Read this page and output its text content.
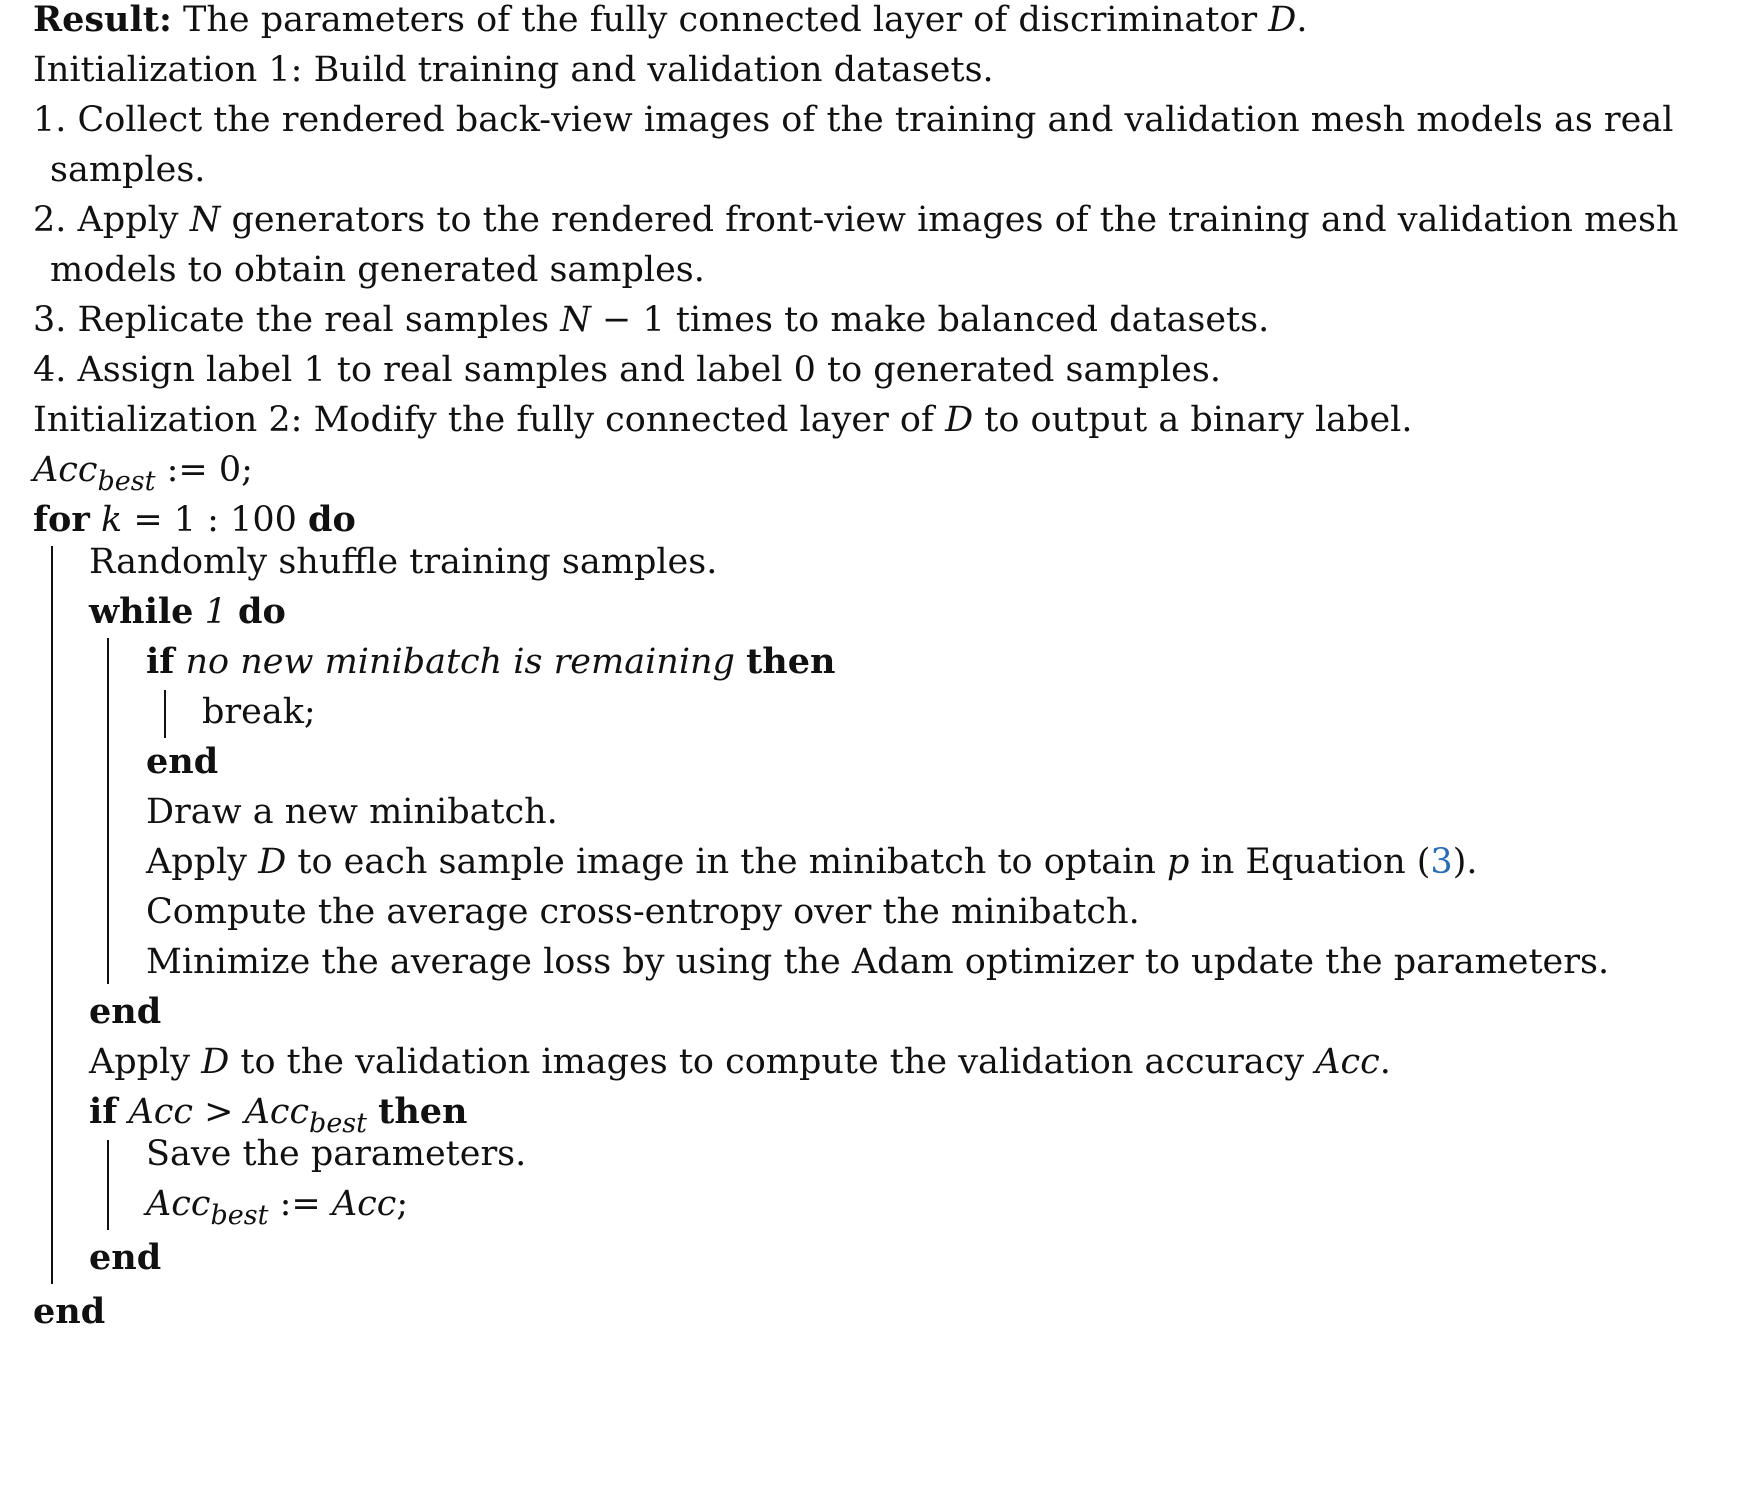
Result: The parameters of the fully connected layer of discriminator D.
Initialization 1: Build training and validation datasets.
1. Collect the rendered back-view images of the training and validation mesh models as real
samples.
2. Apply N generators to the rendered front-view images of the training and validation mesh
models to obtain generated samples.
3. Replicate the real samples N − 1 times to make balanced datasets.
4. Assign label 1 to real samples and label 0 to generated samples.
Initialization 2: Modify the fully connected layer of D to output a binary label.
Acc$_{best}$ := 0;
for k = 1 : 100 do
Randomly shuffle training samples.
while 1 do
if no new minibatch is remaining then
break;
end
Draw a new minibatch.
Apply D to each sample image in the minibatch to optain p in Equation (3).
Compute the average cross-entropy over the minibatch.
Minimize the average loss by using the Adam optimizer to update the parameters.
end
Apply D to the validation images to compute the validation accuracy Acc.
if Acc > Acc$_{best}$ then
Save the parameters.
Acc$_{best}$ := Acc;
end
end
